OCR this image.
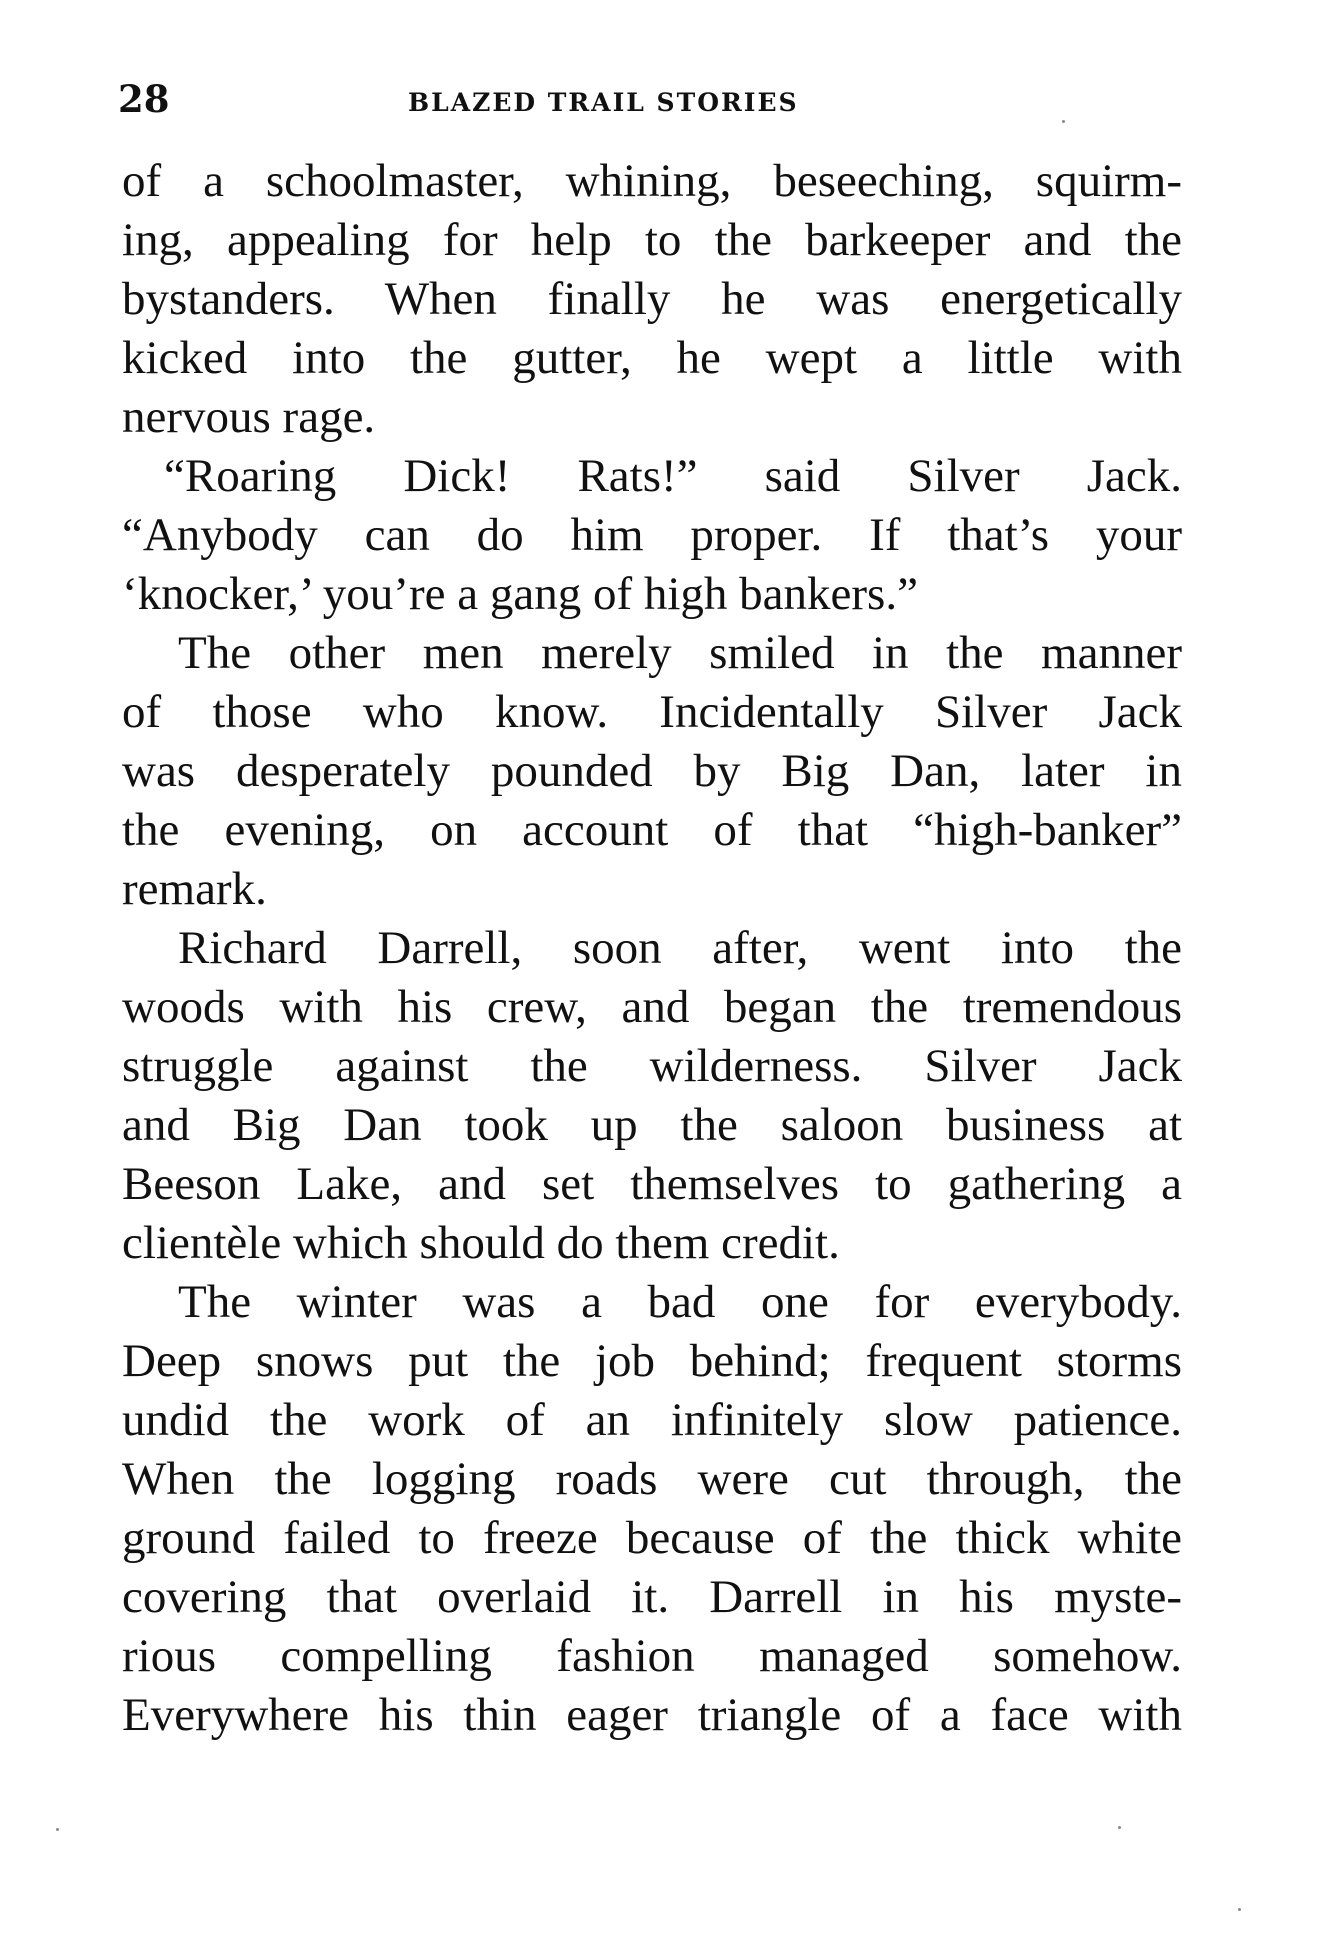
28	BLAZED TRAIL STORIES
of a schoolmaster, whining, beseeching, squirm-
ing, appealing for help to the barkeeper and the
bystanders. When finally he was energetically
kicked into the gutter, he wept a little with
nervous rage.
“Roaring Dick! Rats!” said Silver Jack.
“Anybody can do him proper. If that’s your
‘knocker,’ you’re a gang of high bankers.”
The other men merely smiled in the manner
of those who know. Incidentally Silver Jack
was desperately pounded by Big Dan, later in
the evening, on account of that “high-banker”
remark.
Richard Darrell, soon after, went into the
woods with his crew, and began the tremendous
struggle against the wilderness. Silver Jack
and Big Dan took up the saloon business at
Beeson Lake, and set themselves to gathering a
clientèle which should do them credit.
The winter was a bad one for everybody.
Deep snows put the job behind; frequent storms
undid the work of an infinitely slow patience.
When the logging roads were cut through, the
ground failed to freeze because of the thick white
covering that overlaid it. Darrell in his myste-
rious compelling fashion managed somehow.
Everywhere his thin eager triangle of a face with
